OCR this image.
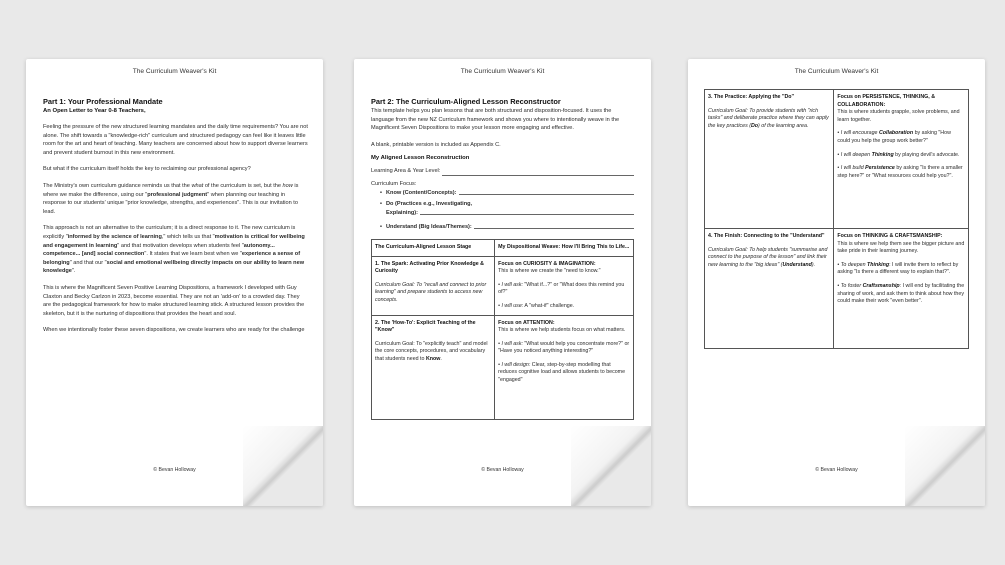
The Curriculum Weaver's Kit
Part 1: Your Professional Mandate
An Open Letter to Year 0-8 Teachers,

Feeling the pressure of the new structured learning mandates and the daily time requirements? You are not alone. The shift towards a "knowledge-rich" curriculum and structured pedagogy can feel like it leaves little room for the art and heart of teaching. Many teachers are concerned about how to support diverse learners and prevent student burnout in this new environment.

But what if the curriculum itself holds the key to reclaiming our professional agency?

The Ministry's own curriculum guidance reminds us that the what of the curriculum is set, but the how is where we make the difference, using our "professional judgment" when planning our teaching in response to our students' unique "prior knowledge, strengths, and experiences". This is our invitation to lead.

This approach is not an alternative to the curriculum; it is a direct response to it. The new curriculum is explicitly "informed by the science of learning," which tells us that "motivation is critical for wellbeing and engagement in learning" and that motivation develops when students feel "autonomy... competence... [and] social connection". It states that we learn best when we "experience a sense of belonging" and that our "social and emotional wellbeing directly impacts on our ability to learn new knowledge".

This is where the Magnificent Seven Positive Learning Dispositions, a framework I developed with Guy Claxton and Becky Carlzon in 2023, become essential. They are not an 'add-on' to a crowded day. They are the pedagogical framework for how to make structured learning stick. A structured lesson provides the skeleton, but it is the nurturing of dispositions that provides the heart and soul.

When we intentionally foster these seven dispositions, we create learners who are ready for the challenge

© Bevan Holloway
The Curriculum Weaver's Kit
Part 2: The Curriculum-Aligned Lesson Reconstructor

This template helps you plan lessons that are both structured and disposition-focused. It uses the language from the new NZ Curriculum framework and shows you where to intentionally weave in the Magnificent Seven Dispositions to make your lesson more engaging and effective.

A blank, printable version is included as Appendix C.

My Aligned Lesson Reconstruction
Learning Area & Year Level:
Curriculum Focus:
• Know (Content/Concepts):
• Do (Practices e.g., Investigating,
Explaining):
• Understand (Big Ideas/Themes):
The Curriculum-Aligned Lesson Stage	My Dispositional Weave: How I'll Bring This to Life...
1. The Spark: Activating Prior Knowledge & Curiosity
Curriculum Goal: To "recall and connect to prior learning" and prepare students to access new concepts.	Focus on CURIOSITY & IMAGINATION:
This is where we create the "need to know."
• I will ask: "What if...?" or "What does this remind you of?"
• I will use: A "what-if" challenge.
2. The 'How-To': Explicit Teaching of the "Know"
Curriculum Goal: To "explicitly teach" and model the core concepts, procedures, and vocabulary that students need to Know.	Focus on ATTENTION:
This is where we help students focus on what matters.
• I will ask: "What would help you concentrate more?" or "Have you noticed anything interesting?"
• I will design: Clear, step-by-step modelling that reduces cognitive load and allows students to become "engaged"
© Bevan Holloway
The Curriculum Weaver's Kit
3. The Practice: Applying the "Do"
Curriculum Goal: To provide students with "rich tasks" and deliberate practice where they can apply the key practices (Do) of the learning area.	Focus on PERSISTENCE, THINKING, & COLLABORATION:
This is where students grapple, solve problems, and learn together.
• I will encourage Collaboration by asking "How could you help the group work better?"
• I will deepen Thinking by playing devil's advocate.
• I will build Persistence by asking "Is there a smaller step here?" or "What resources could help you?".
4. The Finish: Connecting to the "Understand"
Curriculum Goal: To help students "summarise and connect to the purpose of the lesson" and link their new learning to the "big ideas" (Understand).	Focus on THINKING & CRAFTSMANSHIP:
This is where we help them see the bigger picture and take pride in their learning journey.
• To deepen Thinking: I will invite them to reflect by asking "Is there a different way to explain that?".
• To foster Craftsmanship: I will end by facilitating the sharing of work, and ask them to think about how they could make their work "even better".
© Bevan Holloway
